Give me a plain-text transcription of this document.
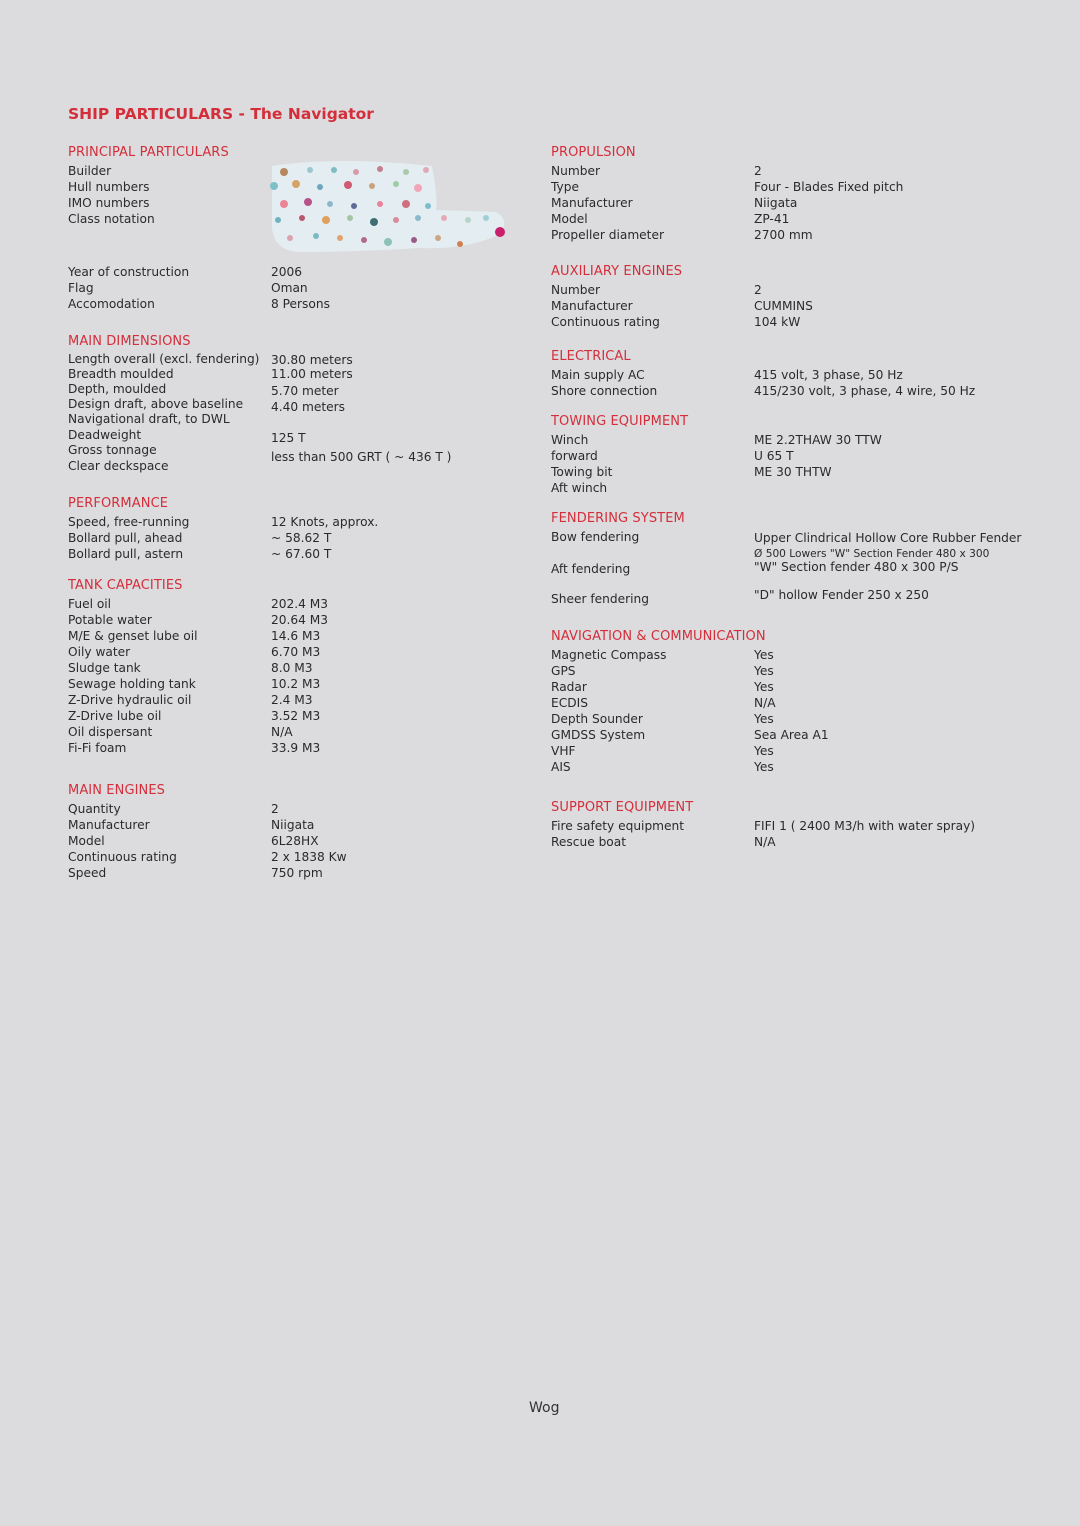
SHIP PARTICULARS - The Navigator
PRINCIPAL PARTICULARS
Builder
Hull numbers
IMO numbers
Class notation
Year of construction	2006
Flag	Oman
Accomodation	8 Persons
MAIN DIMENSIONS
Length overall (excl. fendering) 30.80 meters
Breadth moulded	11.00 meters
Depth, moulded	5.70 meter
Design draft, above baseline 4.40 meters
Navigational draft, to DWL
Deadweight	125 T
Gross tonnage	less than 500 GRT ( ~ 436 T )
Clear deckspace
PERFORMANCE
Speed, free-running	12 Knots, approx.
Bollard pull, ahead	~ 58.62 T
Bollard pull, astern	~ 67.60 T
TANK CAPACITIES
Fuel oil	202.4 M3
Potable water	20.64 M3
M/E & genset lube oil	14.6 M3
Oily water	6.70 M3
Sludge tank	8.0 M3
Sewage holding tank	10.2 M3
Z-Drive hydraulic oil	2.4 M3
Z-Drive lube oil	3.52 M3
Oil dispersant	N/A
Fi-Fi foam	33.9 M3
MAIN ENGINES
Quantity	2
Manufacturer	Niigata
Model	6L28HX
Continuous rating	2 x 1838 Kw
Speed	750 rpm
PROPULSION
Number	2
Type	Four - Blades Fixed pitch
Manufacturer	Niigata
Model	ZP-41
Propeller diameter	2700 mm
AUXILIARY ENGINES
Number	2
Manufacturer	CUMMINS
Continuous rating	104 kW
ELECTRICAL
Main supply AC	415 volt, 3 phase, 50 Hz
Shore connection	415/230 volt, 3 phase, 4 wire, 50 Hz
TOWING EQUIPMENT
Winch	ME 2.2THAW 30 TTW
forward	U 65 T
Towing bit	ME 30 THTW
Aft winch
FENDERING SYSTEM
Bow fendering	Upper Clindrical Hollow Core Rubber Fender
Ø 500 Lowers "W" Section Fender 480 x 300
Aft fendering	"W" Section fender 480 x 300 P/S
Sheer fendering	"D" hollow Fender 250 x 250
NAVIGATION & COMMUNICATION
Magnetic Compass	Yes
GPS	Yes
Radar	Yes
ECDIS	N/A
Depth Sounder	Yes
GMDSS System	Sea Area A1
VHF	Yes
AIS	Yes
SUPPORT EQUIPMENT
Fire safety equipment	FIFI 1 ( 2400 M3/h with water spray)
Rescue boat	N/A
Wog
